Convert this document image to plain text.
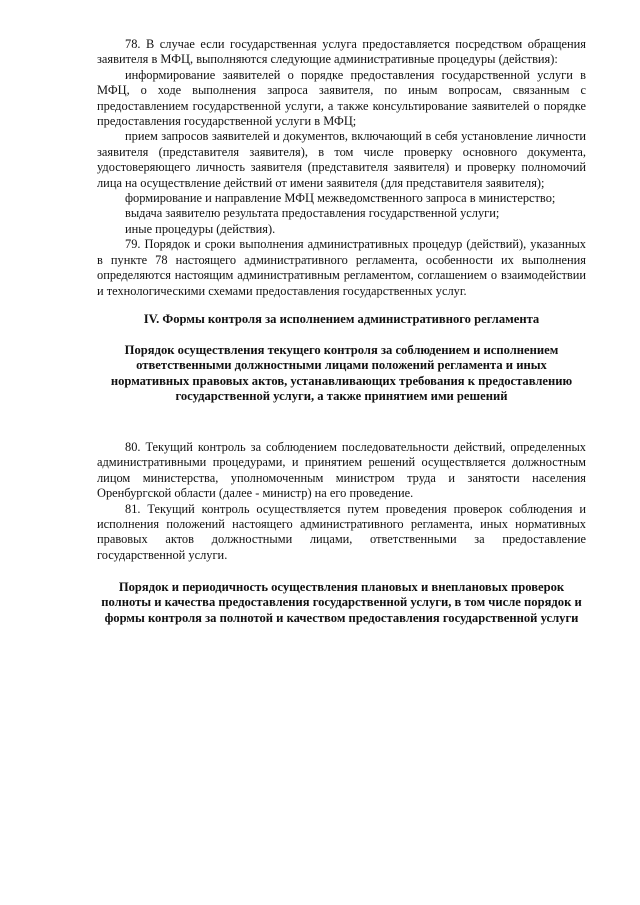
78. В случае если государственная услуга предоставляется посредством обращения заявителя в МФЦ, выполняются следующие административные процедуры (действия):

информирование заявителей о порядке предоставления государственной услуги в МФЦ, о ходе выполнения запроса заявителя, по иным вопросам, связанным с предоставлением государственной услуги, а также консультирование заявителей о порядке предоставления государственной услуги в МФЦ;

прием запросов заявителей и документов, включающий в себя установление личности заявителя (представителя заявителя), в том числе проверку основного документа, удостоверяющего личность заявителя (представителя заявителя) и проверку полномочий лица на осуществление действий от имени заявителя (для представителя заявителя);

формирование и направление МФЦ межведомственного запроса в министерство;

выдача заявителю результата предоставления государственной услуги;

иные процедуры (действия).

79. Порядок и сроки выполнения административных процедур (действий), указанных в пункте 78 настоящего административного регламента, особенности их выполнения определяются настоящим административным регламентом, соглашением о взаимодействии и технологическими схемами предоставления государственных услуг.

IV. Формы контроля за исполнением административного регламента

Порядок осуществления текущего контроля за соблюдением и исполнением ответственными должностными лицами положений регламента и иных нормативных правовых актов, устанавливающих требования к предоставлению государственной услуги, а также принятием ими решений

80. Текущий контроль за соблюдением последовательности действий, определенных административными процедурами, и принятием решений осуществляется должностным лицом министерства, уполномоченным министром труда и занятости населения Оренбургской области (далее - министр) на его проведение.

81. Текущий контроль осуществляется путем проведения проверок соблюдения и исполнения положений настоящего административного регламента, иных нормативных правовых актов должностными лицами, ответственными за предоставление государственной услуги.

Порядок и периодичность осуществления плановых и внеплановых проверок полноты и качества предоставления государственной услуги, в том числе порядок и формы контроля за полнотой и качеством предоставления государственной услуги
